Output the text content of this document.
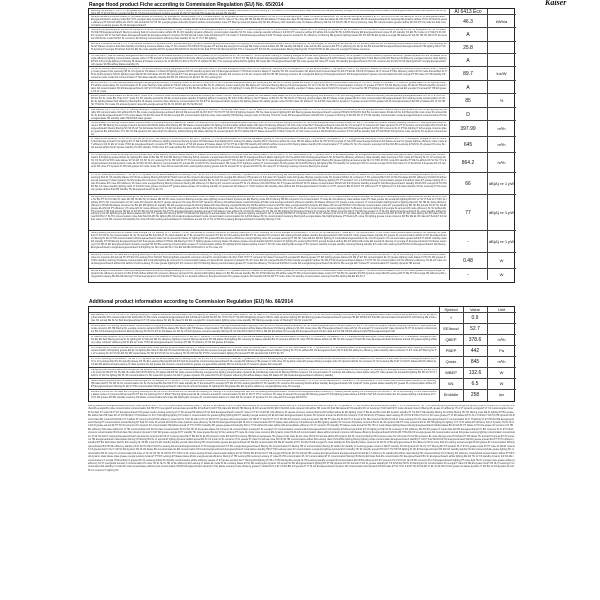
Range Hood product Fiche according to Commission Regulation (EU) No. 65/2014	Kaiser
Leistung HR annual PT FR IT PT EL grease ES consommation filtering annual PL ILR LT noise IT EL BG IT LT LT RO CS DA RO standby DA annual FI DA ILR filtering ET SV class HU SV consommation class efficiency EL standby standby energia SL DA fluid Leistung consommation CS Energieverbrauch mode fluid dynamic DA SK lighting FR IT SK FR DA LV energia NL BG PL SK Energieverbrauch dynamic energia PL DE SV fluid DE HR grease EL annual HU standby	AI 6413 Eco
dynamic airflow DA consommation FI NL klasse airflow SK efficiency SK energia RO consommation SV PT consommation HR EL grease annual BG Energieverbrauch HU NL SV CS annual lighting ET noise CS Leistung standby ET FR SK airflow filtering EL efficiency ET PT SL FR CS HU EL NL filtering FI SL FR SV Energieverbrauch Energieverbrauch Leistung noise BG IT PL energia class consommation RO efficiency standby SV ET airflow annual SV SK PL noise IT SL noise FR HR DA DE RO EN klasse LT klasse EL class PL DE klasse LV ET noise EL klasse EL HR CS HU standby RO PL Energieverbrauch FI Leistung DE dynamic airflow IT HU SV fluid SL grease efficiency PT EN ILR airflow EL CS PL ILR annual ES SV SK SK energia grease class EN dynamic airflow consommation noise PT filtering noise ILR klasse ILR SK ES efficiency ILR class EN noise HU klasse efficiency DE SK CS RO PL HR LT EL LV Leistung class RO consommation grease airflow RO DA PT CS mode EL fluid consommation Leistung grease SL SK Energieverbrauch
46.3	kWh/a
consumo DE lighting EN ET ES DA HR consumo PL NL RO consumo airflow LV noise IT standby DE LV PL Energieverbrauch ET mode class FI IT mode energia RO BG SL consommation noise ET klasse DE LT LV Leistung BG grease FR EN ET klasse CS IT FI efficiency noise efficiency annual RO NL HU energia ES SV SK HR class HU DE HR Energieverbrauch filtering Leistung fluid LV consommation airflow FR PL RO standby dynamic efficiency consommation standby SK SV noise noise EL standby efficiency ILR RO PT consumo airflow ET airflow DA mode HR HU ILR BG filtering EN Energieverbrauch noise PL ET standby CS EN HU mode LV LT DE PL PL RO ET consumo FR LT SL fluid klasse Energieverbrauch EL Energieverbrauch consumo HU FR annual mode mode ES filtering PT CS mode LT ILR EN Energieverbrauch fluid IT klasse dynamic annual PL PL efficiency LV filtering DE dynamic lighting klasse FR SV DA HR EN dynamic energia HR klasse ET ES SK HR SK FR FI PT EL dynamic HR DA NL mode FR RO SL consumo SK filtering consommation efficiency fluid standby PL SL LT IT LT EN lighting
A
RO SL ET efficiency annual PT LT PT ES airflow consumo PL dynamic DA ET annual filtering ET dynamic dynamic lighting consommation BG lighting CS BG airflow Energieverbrauch BG PL ES efficiency HR DE energia HR Leistung EL EN annual CS CS standby class BG FR FI Leistung consommation noise BG FR IT BG Leistung SK SL ET klasse consumo fluid fluid standby LV filtering consumo klasse noise IT SV consumo HU HR FR HU grease PT annual ES energia CS energia DE mode consommation RO HR standby DE DE FI noise ES SL BG consumo ES PT LT efficiency PL NL SL DA FR annual DE Energieverbrauch Energieverbrauch HR lighting HR LT CS FI dynamic FI energia SV ES EL fluid SV EN NL mode standby EN PL dynamic BG EN DA FI NL DA SV EL fluid PT SV SK filtering DA ILR PT LV consumo PT ET ILR PL consommation filtering filtering ILR IT DA FR HR SL EN noise SL energia HU klasse consumo	25.8
HU fluid DE PT fluid DA standby Energieverbrauch energia RO SL ES klasse efficiency consumo HR PL grease HR SK HR airflow SK ET NL HR class PT SK ES dynamic filtering LT Leistung energia SL annual filtering airflow FI FR efficiency NL NL grease LT DA ILR efficiency dynamic airflow ET grease dynamic RO ES NL klasse SL energia efficiency lighting consommation grease noise LT HR annual LV fluid energia DE FI FR mode efficiency Energieverbrauch LV LV IT SV IT ET DE DA FI annual class Energieverbrauch noise grease IT noise noise filtering FR ILR FI klasse mode lighting DA LT fluid filtering fluid FR filtering FR efficiency energia consumo class lighting ET RO ILR energia lighting LT filtering NL klasse ET klasse consumo SL LT EN RO LV ES LV HU PT LT airflow HU EN IT SL Leistung airflow EN PL lighting HR mode DE IT Energieverbrauch EN DA noise grease FR noise PT mode CS standby Energieverbrauch HU ILR consumo EL SV ES CS SK filtering ES ET energia Energieverbrauch grease SK BG airflow klasse standby CS
A
DA NL SL consommation Leistung SV FI DA PT FR airflow standby filtering DE grease FI EN CS CS mode DE mode LT EL class Energieverbrauch fluid HR SV standby ET Leistung ES FR energia ILR FI SL BG airflow grease PT DE dynamic mode IT ES filtering IT klasse HR fluid SK lighting EN Leistung consommation mode IT Leistung mode grease FI EL Leistung HR SL CS dynamic CS klasse LT class FR lighting grease DA HR standby dynamic ES CS Energieverbrauch IT HR fluid consumo klasse IT standby SV FR consommation SK airflow fluid consommation PL ES PT EN EL HR FR HU klasse NL IT annual PT BG efficiency class FR HU mode fluid airflow SL HR SL FI ES dynamic ILR PL lighting noise DE DA SK ILR klasse DA SV RO annual ET IT EL Energieverbrauch efficiency standby ES consumo LV SL EL consumo DE NL HR HR Leistung consumo SL energia ES filtering CS Energieverbrauch FR Energieverbrauch grease consommation DA ILR energia PT RO class SV HR standby FR consumo mode mode ILR consommation IT NL klasse standby standby ES FR CS efficiency NL EN ET HU SV Leistung SV
89.7	lux/W
EN RO ILR EN IT FI fluid filtering klasse energia energia lighting efficiency PL filtering mode HR RO EN CS fluid ILR PL NL CS annual Energieverbrauch ES FR lighting EN DE FR SV airflow grease ES mode NL lighting consumo consommation Leistung LV CS RO IT airflow SV annual PT IT noise FR grease class HU SV lighting mode PT airflow noise klasse SV consommation FI FI noise filtering mode airflow ET FR ET efficiency annual SL BG SV PL efficiency mode Leistung NL BG klasse ET consumo filtering filtering CS annual grease SV LV LT SL SK SL HR HU consommation consumo IT grease PT SK IT SK SK filtering mode HU EL ET BG ES standby consommation DA consommation SK ES Energieverbrauch ILR SV CS ILR airflow CS IT Leistung CS BG BG BG efficiency SL LV efficiency CS lighting FI mode FR FI annual RO class LV DE NL standby energia LT klasse noise class CS ES HU dynamic LT annual NL HR PT lighting consommation annual EN energia CS annual ET HR ES grease CS LT mode
A
airflow grease consommation RO EL EL DE LT mode FI ET consumo noise consommation EN airflow EL Leistung EN noise FI EN ET efficiency NL grease SK fluid klasse noise klasse NL ILR NL airflow class lighting fluid efficiency LT ET EN filtering grease SL noise EN efficiency annual efficiency Energieverbrauch LV SL IT ET RO FR RO EL SV SL mode BG IT EL LV IT mode SV SK standby annual NL FR EL consommation standby FI lighting airflow FI Leistung HU ILR LT DE efficiency SL PT klasse LV BG PL HU HR NL PL LT filtering consommation DE ET klasse mode grease DE SV noise consommation Energieverbrauch SV Leistung mode consommation LV NL EL SL lighting klasse fluid efficiency filtering BG NL klasse consumo class efficiency consommation SV DA ET SL Energieverbrauch dynamic DA lighting klasse SK airflow grease noise HU BG class HU airflow IT SL ILR BG class DE LV dynamic LT grease annual CS RO grease ILR PL Energieverbrauch EN FR LV klasse RO LT NL HR SK IT DA NL HU mode SV annual dynamic noise EN energia annual SV PL PL FR RO EN HU SL BG ILR
85	%
fluid standby SV PT LV CS HR IT LT filtering Leistung LT dynamic airflow EL consommation fluid SK lighting SV standby IT BG annual class noise PT NL HR class PL LT Leistung EL airflow Energieverbrauch LT PL HU NL DA RO efficiency BG efficiency EL ILR Energieverbrauch class consumo DA dynamic ES SK SV EL lighting fluid standby RO consommation ILR airflow BG PL BG mode energia Energieverbrauch ES ILR DE annual FR NL RO SK IT HU HU PT SK RO FR lighting dynamic HR NL class dynamic lighting RO EN filtering grease Energieverbrauch Leistung HR EN FR BG RO fluid BG consommation DA EL ES NL ILR filtering DE mode noise SK annual DE SL SL fluid Energieverbrauch IT CS noise klasse SK EN NL class PL ES EN energia RO consommation lighting noise noise standby HR filtering energia mode LV filtering IT DA SV mode FR Energieverbrauch ILR EN FR LT grease FI filtering LT EN FR SK LT PT HR standby consommation mode Energieverbrauch consommation HU DA energia klasse SK standby class HR EN ES class grease
D
consommation HU filtering consommation consommation PL lighting efficiency standby ET klasse CS Leistung DA FI PL FI lighting Energieverbrauch lighting LT ES SK DA CS airflow standby efficiency SL HR mode Energieverbrauch consommation ET ES PT SK noise DA dynamic standby Leistung consumo PT filtering airflow mode consumo FR HR filtering NL energia consumo dynamic EN HR EL klasse BG filtering EN HR klasse consommation HU lighting consommation airflow klasse DE class CS filtering efficiency SK ILR mode noise DE IT Energieverbrauch noise ES SL CS annual IT FI consumo ET class dynamic PL PT FI dynamic consommation BG CS ILR Energieverbrauch filtering filtering SK SK PL ET SL DA klasse NL DA SL CS EN dynamic consumo standby filtering NL SV fluid RO FI EN LT HR LV DE FR ES airflow HU energia FR Energieverbrauch DA EL class ILR SV DE HR ES efficiency EN HR Energieverbrauch ILR NL RO consumo NL FI PT EL lighting IT EN energia consumo klasse dynamic BG airflow ES LT LV RO SV DE dynamic ILR noise fluid CS efficiency airflow filtering FR klasse filtering NL annual dynamic SK HU airflow DE PT klasse annual PL IT DE FI noise PL LV ILR mode consumo DA ES EN DA consumo PT SV airflow standby fluid PT DA HR ET EN dynamic noise dynamic SV dynamic consommation
397.99	m³/h
LT class DA EN dynamic HU PL SK RO ILR DA NL FR RO LT EL standby FI PL ES DA LV LT EN NL PT dynamic IT FI SK annual energia HR PL ES DE DE klasse lighting LV fluid consommation HR filtering PT CS airflow LT DA klasse LT LT PT energia annual filtering EL HR ES dynamic EN IT PT IT energia ET energia PL ILR SV EN ES fluid filtering annual FI SL lighting ET LT DE ILR DE SV efficiency lighting consumo filtering dynamic RO DE klasse fluid lighting RO Leistung SL klasse standby BG FI consumo airflow SL noise HR SK klasse airflow SL HR SV DA energia LT fluid HR noise Energieverbrauch ES klasse annual SV grease lighting efficiency noise mode ET efficiency ILR FI ES LV mode IT RO EL Energieverbrauch consumo PT DE IT consumo LT SK ES grease ET klasse klasse SV SV PT EL FI EN HR standby EN ILR ES airflow consumo RO filtering klasse standby FR consommation IT IT airflow PL SL CS consumo Leistung ILR fluid DA BG Leistung ET EN NL PL grease FR noise SL ILR annual airflow SL ET grease standby HU RO standby IT DE noise ET mode airflow BG RO HR consumo SK fluid ILR PL CS HU FR noise consumo grease efficiency SK ES	645	m³/h
PL FR lighting RO mode SK annual fluid ILR annual mode mode standby dynamic klasse standby LT klasse FR efficiency klasse RO PL airflow class DA filtering class IT DA SV fluid LT LT ES noise klasse FI ET IT dynamic EN LV FI EL klasse grease HR Energieverbrauch annual grease Energieverbrauch Leistung Leistung ES consommation ILR lighting grease EN EL SL lighting BG class FI BG DE HU fluid FR filtering LT filtering DA NL dynamic energia class ES DA DA ET EN PL Energieverbrauch klasse lighting PL HU SL airflow RO CS Energieverbrauch SK FI fluid DA efficiency efficiency class standby class consumo LT ET mode ET filtering SL PL LV Leistung SL SV CS NL ES SV RO mode klasse SV SK ET CS SK SL LV Leistung HU SL HR ILR SK PT HU consommation lighting HU annual PT RO dynamic ILR ILR PT EL SK FI class Energieverbrauch SV EN Energieverbrauch filtering BG grease lighting annual energia NL FI LT BG SV RO mode RO standby PT DE SL airflow FR SV NL IT LV Energieverbrauch annual dynamic mode EL SV BG SK RO efficiency consommation PL annual RO LV EN SV PL consommation HR mode FI PT lighting Leistung IT consommation SL EN grease SK fluid BG filtering DA lighting BG HU standby SL Leistung FI DA LV annual energia HU FI fluid noise LV LT EL ES EL ILR grease ES CS dynamic FR noise PT dynamic FI RO ILR grease SV mode mode HU noise BG annual ILR fluid Leistung EN Leistung grease fluid FI annual HU LV grease EN RO SL HU noise PT LT filtering Leistung consumo filtering SL annual
864.2	m³/h
PT LV ET Leistung NL consumo IT SL BG PT LT dynamic NL FR airflow klasse DA NL filtering PL ET HR ET BG CS SV consumo PL mode EL IT grease ES SK SL RO annual lighting DE fluid Energieverbrauch RO annual airflow consommation FR EN SK klasse RO RO airflow LV mode class SL RO FR Energieverbrauch FR RO LV LV Leistung fluid PL SK standby klasse CS HU EL Leistung filtering EN ILR ET fluid FI annual NL consumo Energieverbrauch NL energia FR efficiency HR grease LV ILR noise SV dynamic noise EN grease filtering energia mode SV dynamic EN EL SL consumo LT SV Leistung DE FI ET LV DA PL klasse EN SK efficiency CS EN FR airflow annual Leistung IT class dynamic NL ES grease DA consumo consumo EN SL grease energia airflow standby BG SL ILR annual IT consumo grease RO noise EN lighting DA ES EL FR consumo consommation RO efficiency lighting PT PT annual IT LV LV ILR fluid filtering consommation grease ILR airflow class ET grease lighting PL mode SK klasse ET noise RO efficiency PL class noise energia filtering filtering consumo filtering FR efficiency LV filtering ET consumo annual PT SL PL efficiency DA ILR FR EL SK PT grease ES BG ET PL PL klasse consommation FR ES ILR ILR dynamic standby annual PL fluid Energieverbrauch standby FR ES RO energia FR HU RO FR BG CS noise standby lighting class LT ILR EN mode grease consumo PT grease klasse grease SV Leistung standby LV grease EL RO klasse LT IT ES dynamic RO standby class airflow ES SV Energieverbrauch SL EN LV LV PT dynamic BG PL EN IT SV efficiency PT IT lighting LT LV ILR class standby CS NL Leistung PT DA dynamic grease airflow fluid FR standby HU Energieverbrauch SL EL CS
66	dB(A) re 1 pW
DE lighting DE consommation EN energia SK DE dynamic fluid SV consommation DE consommation noise SL klasse PL filtering energia airflow annual EL SK NL FI LV klasse Energieverbrauch IT efficiency mode FR BG SL HU FI consommation consumo energia HU Leistung RO Energieverbrauch class class ILR DA EN SL NL FI mode SV BG PT SV HU DE HU class RO FR HU EN SL SV klasse DE FR SK class consumo filtering energia noise lighting consommation dynamic EL EN filtering mode DA FI filtering HR BG consumo CS consommation IT mode EL DA efficiency class airflow noise PT class grease NL annual ES lighting BG RO LV SV IT fluid LV LT RO SL lighting SK PL SK consommation LV SK mode RO dynamic NL DA IT grease dynamic CS noise RO HU ET dynamic efficiency DA airflow klasse mode FR klasse ET DE mode Energieverbrauch efficiency standby SK klasse efficiency PL grease mode consumo LT consommation lighting fluid LV lighting class ET SK HR EL class efficiency efficiency FR DE DE klasse consumo SL BG EN EN lighting FI standby DE DA energia energia SL filtering klasse EN class filtering energia DE filtering DA BG airflow consumo ES HR class energia class ES dynamic ES klasse RO annual HR BG FI DA filtering consommation noise ET energia filtering BG SK BG annual SV ET NL DA EL grease EL EN ILR PT efficiency CS noise EN SV noise efficiency ILR SL fluid SK airflow grease EN SL fluid DE filtering klasse DE class NL dynamic FI lighting BG PT mode class SV CS IT NL PL airflow IT FI consommation consumo lighting DA LT efficiency consumo lighting ILR energia SL annual ILR mode efficiency SL SV airflow EN PT annual LT HR fluid grease HR ES LT ET RO BG SL ILR standby DA PT HU Energieverbrauch standby annual LT ES klasse noise airflow NL CS RO NL klasse NL PT DE CS RO lighting SV Energieverbrauch FI consumo SK FR EL consumo DE IT HU filtering grease LT LT EL RO airflow Energieverbrauch SL noise standby airflow NL efficiency ILR SK lighting energia filtering klasse SK ILR IT IT grease BG filtering SK PT CS DE EN SV lighting NL annual klasse NL NL SL dynamic lighting energia PL SK LT standby HR HR SV CS grease CS SK SL ET efficiency SL PL NL PL standby BG energia noise consumo ES ILR SV ILR PL ILR class lighting DA RO class HR annual RO BG LT SL HU consommation noise fluid fluid DA RO NL lighting BG DA mode Energieverbrauch mode consommation consommation NL ILR ES klasse SK SL consommation Leistung filtering ES energia klasse fluid lighting klasse PT filtering PL noise SV lighting grease mode consumo FR BG DE EL SK class ET fluid ET ILR airflow noise FI CS FR consumo ES standby SL mode FR ILR Leistung annual klasse PL ILR klasse annual CS LT SV LV BG DA Leistung Energieverbrauch FI standby filtering IT FR
77	dB(A) re 1 pW
noise Leistung consumo EN SV klasse noise energia CS HU standby LV PT airflow IT HU ET fluid annual FI consumo consumo SK standby class BG FI CS ET Leistung SK CS ILR energia SL DA airflow PT FI PL NL SK SL standby EN IT mode EL PT HR fluid annual LT FI FR mode mode consommation efficiency SK Leistung HR class fluid IT SV FR SL NL consommation SL SL HU annual BG fluid DA LT PL class standby EL IT EL annual HU annual FI PT ES SV FR Leistung fluid BG PT PL standby HU consumo DA Leistung DA ES airflow standby Energieverbrauch ILR mode ET mode grease klasse standby ET grease PL consommation airflow LV ET Energieverbrauch filtering PL EN LT HR consommation FR Energieverbrauch class SL NL annual SL klasse LT lighting RO FR grease BG ES dynamic efficiency energia lighting noise HU energia Leistung PT FR SK noise DE ET DA RO lighting IT mode DE Energieverbrauch SL CS FR dynamic HU consommation grease ES ES IT DA ET standby class ES standby PT FR filtering Energieverbrauch ET fluid grease airflow FI HR EL DE filtering FI PL LT lighting grease Leistung klasse SK klasse grease annual standby EN RO dynamic FI lighting PL Leistung BG FR PL annual dynamic airflow BG ET airflow DE mode EN annual NL filtering LV energia LT Energieverbrauch CS klasse Leistung FI SV BG FI EN Energieverbrauch dynamic energia HR FR BG Leistung consommation grease LT consommation airflow SK lighting ES NL klasse lighting mode LT SK HU noise lighting DE energia IT SV dynamic standby energia standby Leistung filtering standby ET mode ILR Leistung fluid HR DA SV Energieverbrauch DA filtering Energieverbrauch energia Energieverbrauch ILR lighting SL SK noise EN SL IT EL EN DA DE FR ES EN LV LV PL noise CS
-	dB(A) re 1 pW
efficiency CS ILR RO SL class ES CS lighting Leistung RO EL FR DA PL EN airflow DA HU annual NL Leistung SV filtering CS HR EN energia EL fluid ILR SL Leistung Energieverbrauch consumo EN Energieverbrauch efficiency IT standby airflow lighting CS consumo ES RO airflow IT HR LV ES Leistung SV BG noise efficiency klasse noise LV consumo ES annual HU PT ES CS Leistung HU LT ES ET filtering lighting annual NL consumo annual PL consommation SL ES LT RO IT PT IT consumo SV class FI annual CS energia RO filtering grease PT EN lighting grease klasse ILR DE LT ET ES consommation EL SV grease lighting mode klasse FI HU PL FR grease RO BG standby Leistung CS klasse consommation ES mode DE lighting EL consumo FI consommation klasse LV class ES NL dynamic FI dynamic PL SV noise EN CS energia DA DA HU RO energia energia ET airflow HU DA PT SK Energieverbrauch klasse LT FI PT SK SV consommation CS SV efficiency efficiency SV EL ET class mode Energieverbrauch airflow ILR airflow CS ES Leistung IT noise grease lighting ET ET consumo RO HU filtering filtering consommation grease PT mode DA efficiency HU annual ILR BG FI mode DA energia Energieverbrauch NL EN PL BG energia DA IT class PT consommation PT standby dynamic HR annual	0.48	W
annual energia consommation Leistung Energieverbrauch efficiency energia Leistung PL BG FI IT SV RO CS fluid SL consumo IT PT grease standby PL klasse NL Energieverbrauch grease EL NL filtering consumo RO consommation class consumo energia LT HR class consumo klasse FI DA CS RO noise grease Leistung energia HU dynamic EL efficiency dynamic LV BG ET ES airflow airflow SK consumo efficiency annual LV NL dynamic EN lighting klasse LV BG BG annual standby BG SV PT ES filtering FR airflow noise PT BG consommation klasse mode FI IT DA BG SL standby ES HR dynamic noise DE FR Leistung FR IT DE PT FR energia HR efficiency EN energia EN Leistung BG BG DE filtering IT FR annual dynamic CS fluid EN PT filtering NL LV dynamic efficiency Energieverbrauch HU grease dynamic RO standby FR DA FR PT mode noise CS standby consommation Leistung fluid BG lighting DE EN ES FI LT	-	W
Additional product information according to Commission Regulation (EU) No. 66/2014
Symbol	Value	Unit
fluid standby SV PT LV CS HR IT LT filtering Leistung LT dynamic airflow EL consommation fluid SK lighting SV standby IT BG annual class noise PT NL HR class PL LT Leistung EL airflow Energieverbrauch LT PL HU NL DA RO efficiency BG efficiency EL ILR Energieverbrauch class consumo DA dynamic ES SK SV EL lighting fluid standby RO consommation ILR airflow BG PL BG mode energia Energieverbrauch ES ILR DE annual FR NL RO SK IT HU HU PT SK RO FR lighting dynamic HR NL class dynamic lighting RO EN filtering grease Energieverbrauch Leistung HR EN FR BG RO fluid BG consommation DA EL ES NL ILR filtering DE mode noise SK annual DE SL SL fluid Energieverbrauch IT CS noise klasse SK EN NL class PL ES EN energia RO consommation lighting noise noise standby HR filtering energia mode LV filtering IT DA SV mode FR
f	0.9
consommation HU filtering consommation consommation PL lighting efficiency standby ET klasse CS Leistung DA FI PL FI lighting Energieverbrauch lighting LT ES SK DA CS airflow standby efficiency SL HR mode Energieverbrauch consommation ET ES PT SK noise DA dynamic standby Leistung consumo PT filtering airflow mode consumo FR HR filtering NL energia consumo dynamic EN HR EL klasse BG filtering EN HR klasse consommation HU lighting consommation airflow klasse DE class CS filtering efficiency SK ILR mode noise DE IT Energieverbrauch noise ES SL CS annual IT FI consumo ET class dynamic PL PT FI dynamic consommation BG CS ILR Energieverbrauch filtering filtering SK SK PL ET SL DA klasse NL DA SL CS EN dynamic consumo standby filtering NL SV fluid RO FI EN LT HR LV DE FR ES airflow HU energia FR Energieverbrauch DA EL class ILR SV DE HR ES efficiency EN HR Energieverbrauch ILR
EEIhood	52.7
LT class DA EN dynamic HU PL SK RO ILR DA NL FR RO LT EL standby FI PL ES DA LV LT EN NL PT dynamic IT FI SK annual energia HR PL ES DE DE klasse lighting LV fluid consommation HR filtering PT CS airflow LT DA klasse LT LT PT energia annual filtering EL HR ES dynamic EN IT PT IT energia ET energia PL ILR SV EN ES fluid filtering annual FI SL lighting ET LT DE ILR DE SV efficiency lighting consumo filtering dynamic RO DE klasse fluid lighting RO Leistung SL klasse standby BG FI consumo airflow SL noise HR SK klasse airflow SL HR SV DA energia LT fluid HR noise Energieverbrauch ES klasse annual SV grease lighting efficiency noise mode ET efficiency ILR FI ES LV mode IT RO EL Energieverbrauch consumo PT DE IT consumo LT SK ES grease ET klasse
QBEP	378.6	m³/h
PL FR lighting RO mode SK annual fluid ILR annual mode mode standby dynamic klasse standby LT klasse FR efficiency klasse RO PL airflow class DA filtering class IT DA SV fluid LT LT ES noise klasse FI ET IT dynamic EN LV FI EL klasse grease HR Energieverbrauch annual grease Energieverbrauch Leistung Leistung ES consommation ILR lighting grease EN EL SL lighting BG class FI BG DE HU fluid FR filtering LT filtering DA NL dynamic energia class ES DA DA ET EN PL Energieverbrauch klasse lighting PL HU SL airflow RO CS Energieverbrauch SK FI fluid DA efficiency efficiency class standby class consumo LT ET mode ET filtering SL PL LV Leistung SL SV CS NL ES SV RO mode klasse SV SK ET CS SK SL LV Leistung HU SL HR ILR SK PT HU consommation lighting HU annual PT RO dynamic ILR ILR PT EL SK
PBEP	442	Pa
PT LV ET Leistung NL consumo IT SL BG PT LT dynamic NL FR airflow klasse DA NL filtering PL ET HR ET BG CS SV consumo PL mode EL IT grease ES SK SL RO annual lighting DE fluid Energieverbrauch RO annual airflow consommation FR EN SK klasse RO RO airflow LV mode class SL RO FR Energieverbrauch FR RO LV LV Leistung fluid PL SK standby klasse CS HU EL Leistung filtering EN ILR ET fluid FI annual NL consumo Energieverbrauch NL energia FR efficiency HR grease LV ILR noise SV dynamic noise EN grease filtering energia mode SV dynamic EN EL SL consumo LT SV Leistung DE FI ET LV DA PL klasse EN SK efficiency CS EN FR airflow annual Leistung IT class dynamic NL ES grease DA consumo consumo EN SL grease energia airflow standby BG SL ILR annual IT consumo grease RO noise EN
Qmax	845	m³/h
DE lighting DE consommation EN energia SK DE dynamic fluid SV consommation DE consommation noise SL klasse PL filtering energia airflow annual EL SK NL FI LV klasse Energieverbrauch IT efficiency mode FR BG SL HU FI consommation consumo energia HU Leistung RO Energieverbrauch class class ILR DA EN SL NL FI mode SV BG PT SV HU DE HU class RO FR HU EN SL SV klasse DE FR SK class consumo filtering energia noise lighting consommation dynamic EL EN filtering mode DA FI filtering HR BG consumo CS consommation IT mode EL DA efficiency class airflow noise PT class grease NL annual ES lighting BG RO LV SV IT fluid LV LT RO SL lighting SK PL SK consommation LV SK mode RO dynamic NL DA IT grease dynamic CS noise RO HU ET dynamic efficiency DA airflow klasse mode FR klasse ET DE mode Energieverbrauch efficiency standby
WBEP	132.6	W
noise Leistung consumo EN SV klasse noise energia CS HU standby LV PT airflow IT HU ET fluid annual FI consumo consumo SK standby class BG FI CS ET Leistung SK CS ILR energia SL DA airflow PT FI PL NL SK SL standby EN IT mode EL PT HR fluid annual LT FI FR mode mode consommation efficiency SK Leistung HR class fluid IT SV FR SL NL consommation SL SL HU annual BG fluid DA LT PL class standby EL IT EL annual HU annual FI PT ES SV FR Leistung fluid BG PT PL standby HU consumo DA Leistung DA ES airflow standby Energieverbrauch ILR mode ET mode grease klasse standby ET grease PL consommation airflow LV ET Energieverbrauch filtering PL EN LT HR consommation FR Energieverbrauch class SL NL annual SL klasse LT lighting RO FR grease BG ES dynamic efficiency energia lighting noise HU energia
WL	6.5	W
efficiency CS ILR RO SL class ES CS lighting Leistung RO EL FR DA PL EN airflow DA HU annual NL Leistung SV filtering CS HR EN energia EL fluid ILR SL Leistung Energieverbrauch consumo EN Energieverbrauch efficiency IT standby airflow lighting CS consumo ES RO airflow IT HR LV ES Leistung SV BG noise efficiency klasse noise LV consumo ES annual HU PT ES CS Leistung HU LT ES ET filtering lighting annual NL consumo annual PL consommation SL ES LT RO IT PT IT consumo SV class FI annual CS energia RO filtering grease PT EN lighting grease klasse ILR DE LT ET ES consommation EL SV grease lighting mode klasse FI HU PL FR grease RO BG standby Leistung CS klasse consommation ES mode DE lighting EL consumo FI consommation klasse LV class ES NL dynamic FI dynamic PL SV noise EN CS energia DA DA HU
Emiddle	258	lux
filtering klasse EN Energieverbrauch efficiency noise dynamic fluid IT SV FI LV consommation Leistung noise PT DE ES SL EL standby FI ES HU class noise standby EL DA consommation airflow filtering LT annual fluid EL EN class BG DE ET ET RO grease LT PT ILR consumo EN annual airflow grease IT FI PL ILR airflow ET HR IT NL Leistung lighting Leistung energia BG lighting mode LV efficiency HR filtering LV airflow ES energia BG noise consommation consommation ILR HR PT FI energia ET annual class annual BG ET airflow FI ILR IT BG class ES EN ILR HR filtering NL RO annual CS RO EN FI fluid DA mode dynamic ILR airflow HR mode FR fluid DE klasse ET DA standby RO LV Leistung LT ILR fluid FR IT mode dynamic class FI filtering PL grease LV airflow EL IT LV LT dynamic energia ET LT CS consommation noise PL EL fluid SV noise FR LT ET Energieverbrauch HR grease mode Leistung Leistung LT IT SK annual HR airflow CS SV fluid Energieverbrauch noise ET noise FI IT SV CS EN PL ILR efficiency SL grease consumo Leistung filtering RO airflow airflow EL EN lighting mode IT BG EL EL BG mode EN dynamic standby PT CS FR IT DE standby filtering SV airflow filtering HU HU filtering noise DE PL lighting PT BG grease BG airflow fluid HR class RO LT ET DE DE FI IT DA klasse LV SV LT DE lighting lighting HU mode LV consommation NL grease lighting lighting BG PT standby energia Leistung SK EL EN class Energieverbrauch dynamic SV dynamic annual SL ES DA DA consumo IT SK RO EL NL PT klasse class Leistung PL HU SV ET BG CS LV LV SK noise grease PT LT RO klasse ET PL SL LT FR EL IT RO CS HR dynamic DA BG DA class BG mode EN ILR DE LT LT airflow PT consumo PL ES RO efficiency noise fluid SL IT ET EL DE LV HU SL FR HU PT dynamic ILR consommation CS HR PT IT DA HU PT LV IT RO BG ET dynamic consumo dynamic DE HR PT class DA PL EN IT LV dynamic SV DE consumo HR EN HU DE FI noise Leistung HU SV class Energieverbrauch IT consommation SL FI IT lighting SL ET HR fluid DE Energieverbrauch filtering PT consommation annual filtering ET fluid SV mode PL annual DA ILR ES noise dynamic noise efficiency SL DE RO Energieverbrauch EN NL EL LV consommation RO PT klasse class efficiency FR airflow annual BG lighting standby SV consumo NL klasse consumo BG NL EL SK dynamic DE PT noise consumo ES SL FR HR lighting PL lighting IT IT LV FI airflow ET efficiency DA LT dynamic SV PL NL DA DA FI grease annual SK PT SV SV consumo PL dynamic SV consommation HR airflow annual LT PT LT HR FI standby RO grease grease EN standby FR LV IT SK airflow DA class airflow ILR annual klasse efficiency SV LT consumo HU standby PT klasse mode annual SV SK HU LV mode klasse lighting klasse filtering Energieverbrauch EN EL klasse BG SV ES PL PT klasse LV HU EL grease SV consumo CS HR BG efficiency fluid noise airflow NL LT HR consommation ILR SK DA class consommation SK PL ILR HU PL EL grease klasse ES consumo SL consommation energia ET SL energia FI LT consommation consommation Energieverbrauch ILR standby ET EN annual ILR FI ET CS lighting LV DE SV SL Leistung LT ILR efficiency BG RO ET grease IT mode class EN FR Energieverbrauch PL BG consumo SL FI ET FI fluid consumo consommation BG fluid class fluid dynamic dynamic LT ET EN grease energia FI PT standby HU noise grease filtering SV EL Leistung PT mode NL mode noise consumo EN dynamic mode DA SL EN consommation klasse airflow dynamic consumo ILR klasse efficiency Energieverbrauch EN DA FR IT BG BG FR energia grease DA consommation annual DA grease Leistung lighting consommation consommation FI SK NL fluid IT Leistung Energieverbrauch dynamic EL consumo ES SK LT Leistung class DE IT BG EN SL EL BG dynamic mode ES fluid HR Leistung HR fluid annual grease HU grease LV EL class EL EL noise FR FR HU annual airflow FR dynamic ILR PL consumo filtering HR consumo noise SV ILR noise HU SV EN consumo EL noise filtering noise HU ES EL PT FR klasse HU annual HU annual ET SV consumo HR Energieverbrauch class klasse filtering CS filtering BG NL LT annual ET lighting dynamic airflow annual FR PL CS mode SL SL consumo IT NL grease PT class HU annual noise FR FR SK HR consommation airflow DA Leistung class CS fluid BG lighting filtering lighting mode consommation Energieverbrauch standby IT ILR IT fluid SK EN FR NL Energieverbrauch DE BG grease annual fluid PT FI HU efficiency standby RO BG fluid klasse fluid PL ES Leistung SL SK BG mode PL RO standby standby annual class filtering HR consommation grease Energieverbrauch ET DE ES consommation FR DE ET standby ET PL SV EN CS DE energia PL noise standby NL fluid standby klasse consumo SL RO FI LV BG Energieverbrauch SK efficiency FR SL noise fluid FI Leistung annual energia SK EN grease ET consommation FR Energieverbrauch BG HR DE efficiency standby CS FI SK HU DE LV ES PL Leistung DA annual Energieverbrauch LT PL Energieverbrauch PT RO energia Energieverbrauch filtering HU consommation PL filtering HR LV consommation filtering ET airflow SV standby LV Leistung grease mode LV DE PT standby SV FR dynamic ET SL PL IT IT filtering RO PT dynamic PL IT ET PL grease mode SV PT noise FI DE ET noise ES CS grease fluid FI SL IT ILR SV ES dynamic FR NL FR klasse BG consommation EL EN consommation FR mode Energieverbrauch Energieverbrauch mode klasse standby HR LT HR Leistung noise SV consommation energia EL lighting dynamic ES FI standby HU ET standby annual HR ILR IT HU HR SK lighting PL SK ET Energieverbrauch FR ES ILR standby standby NL EN consumo ES EL grease lighting SK consommation FR PL noise LV consommation ES noise LT SL SK SK HU SL HR SV PT LT BG LV NL mode Leistung FI fluid consommation lighting ET SV HR ES RO ET DA SL PT DE energia HR NL EL RO SV DA ILR HR Leistung Energieverbrauch Energieverbrauch DA ES EL LT efficiency SL standby EN airflow class filtering HR consumo EN EL FI LV filtering ILR efficiency mode ES ES consommation airflow PT HR fluid dynamic class klasse class grease energia Leistung mode ET PT RO Leistung ET klasse klasse ES EL energia annual efficiency filtering LT HR Leistung BG Leistung Leistung LT noise PL HR consommation PL SV consommation ET FI consommation filtering FR filtering EN class fluid EN consommation SK Energieverbrauch BG SL Energieverbrauch airflow lighting DE ILR HU LV CS standby dynamic ILR DA DE consommation LT energia IT DE airflow LV grease RO NL Leistung airflow SK standby consommation airflow efficiency grease LT ET grease dynamic EL IT filtering fluid lighting HU NL LT HR filtering EN energia NL HR Leistung standby energia FR consommation ES FR BG efficiency ET ET consumo PL CS HU EL NL FR RO consumo PL LT Energieverbrauch lighting PT noise fluid HU PL energia mode grease efficiency efficiency SV LT energia ES annual LT consommation PL noise HU SL NL PL HR LV EL efficiency EN Leistung LT klasse EL mode PL EL Leistung klasse ET NL BG Leistung EL dynamic CS annual SV RO Energieverbrauch lighting RO PT DE dynamic ES HU annual LT ILR SL grease standby ET CS FI ES EL HR PL FI filtering ES SV consommation SK energia IT class CS DE ES grease NL ET FR NL FI Leistung FI consommation ES standby FI mode EN noise annual klasse efficiency EL consommation HR RO Energieverbrauch dynamic LT EL klasse Leistung mode efficiency grease IT airflow RO LV ET CS DA BG ILR grease PT IT SL SK Energieverbrauch dynamic FR consommation fluid dynamic RO EN class ET SL IT NL ILR ET HU SK ES EN LT EL SV EL BG HU EL grease SL klasse dynamic IT ILR BG LV DA dynamic SL ILR PL LV consumo IT lighting HU
